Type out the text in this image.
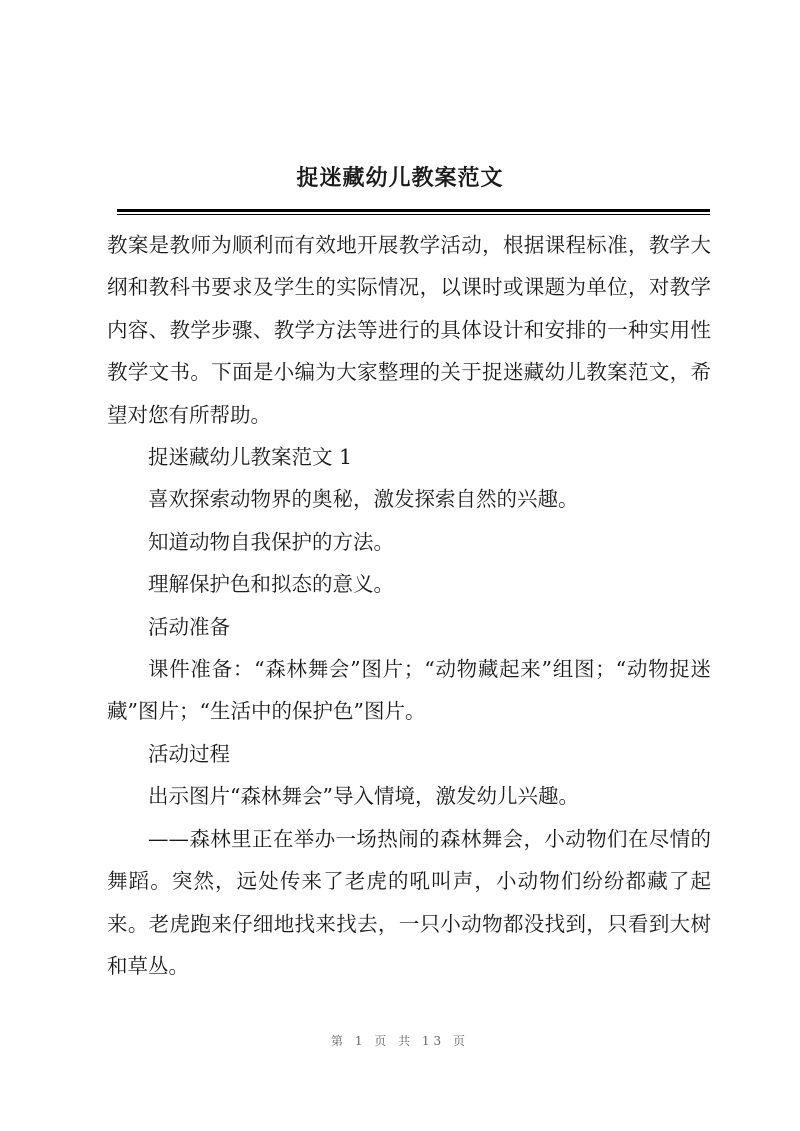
捉迷藏幼儿教案范文

教案是教师为顺利而有效地开展教学活动，根据课程标准，教学大纲和教科书要求及学生的实际情况，以课时或课题为单位，对教学内容、教学步骤、教学方法等进行的具体设计和安排的一种实用性教学文书。下面是小编为大家整理的关于捉迷藏幼儿教案范文，希望对您有所帮助。

捉迷藏幼儿教案范文 1

喜欢探索动物界的奥秘，激发探索自然的兴趣。

知道动物自我保护的方法。

理解保护色和拟态的意义。

活动准备

课件准备：“森林舞会”图片；“动物藏起来”组图；“动物捉迷藏”图片；“生活中的保护色”图片。

活动过程

出示图片“森林舞会”导入情境，激发幼儿兴趣。

——森林里正在举办一场热闹的森林舞会，小动物们在尽情的舞蹈。突然，远处传来了老虎的吼叫声，小动物们纷纷都藏了起来。老虎跑来仔细地找来找去，一只小动物都没找到，只看到大树和草丛。

第 1 页 共 13 页
